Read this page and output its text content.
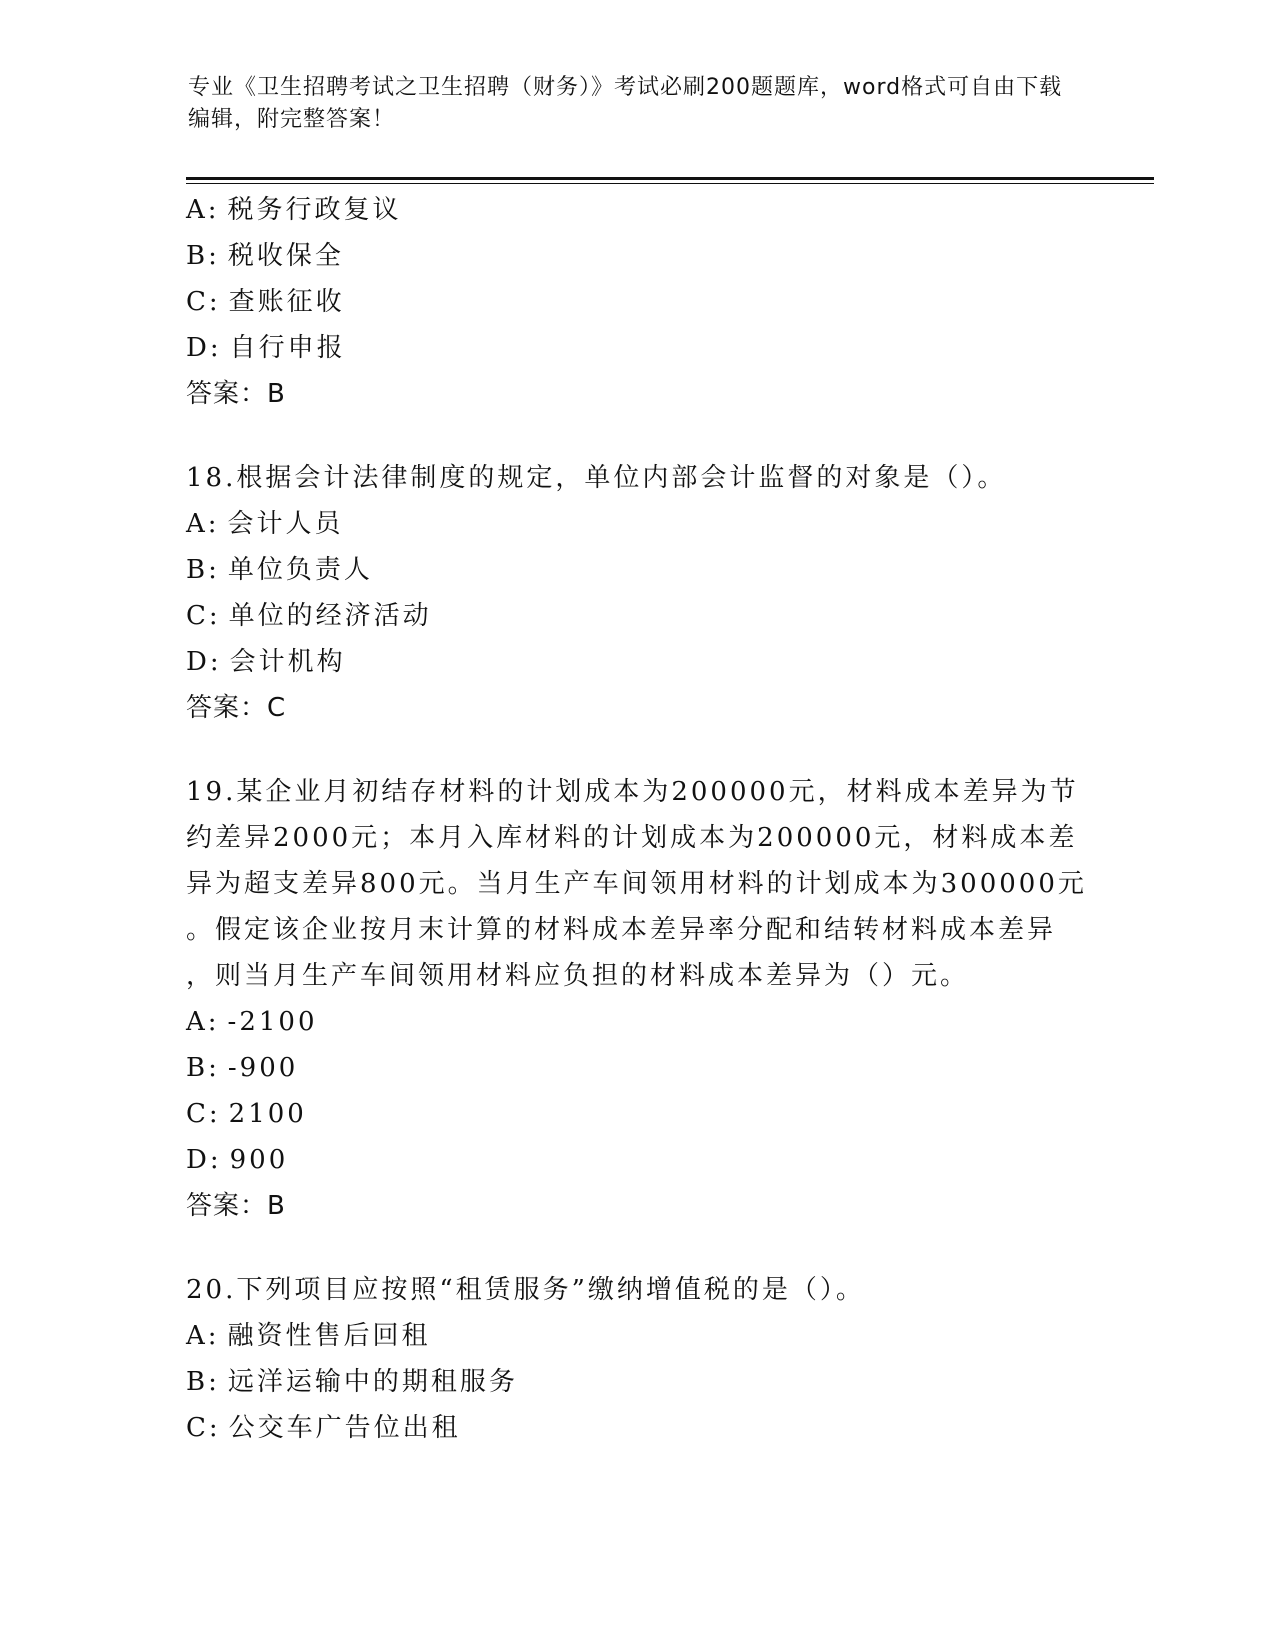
专业《卫生招聘考试之卫生招聘（财务）》考试必刷200题题库，word格式可自由下载编辑，附完整答案！
A: 税务行政复议
B: 税收保全
C: 查账征收
D: 自行申报
答案：B
18.根据会计法律制度的规定，单位内部会计监督的对象是（）。
A: 会计人员
B: 单位负责人
C: 单位的经济活动
D: 会计机构
答案：C
19.某企业月初结存材料的计划成本为200000元，材料成本差异为节
约差异2000元；本月入库材料的计划成本为200000元，材料成本差
异为超支差异800元。当月生产车间领用材料的计划成本为300000元
。假定该企业按月末计算的材料成本差异率分配和结转材料成本差异
，则当月生产车间领用材料应负担的材料成本差异为（）元。
A: -2100
B: -900
C: 2100
D: 900
答案：B
20.下列项目应按照“租赁服务”缴纳增值税的是（）。
A: 融资性售后回租
B: 远洋运输中的期租服务
C: 公交车广告位出租
